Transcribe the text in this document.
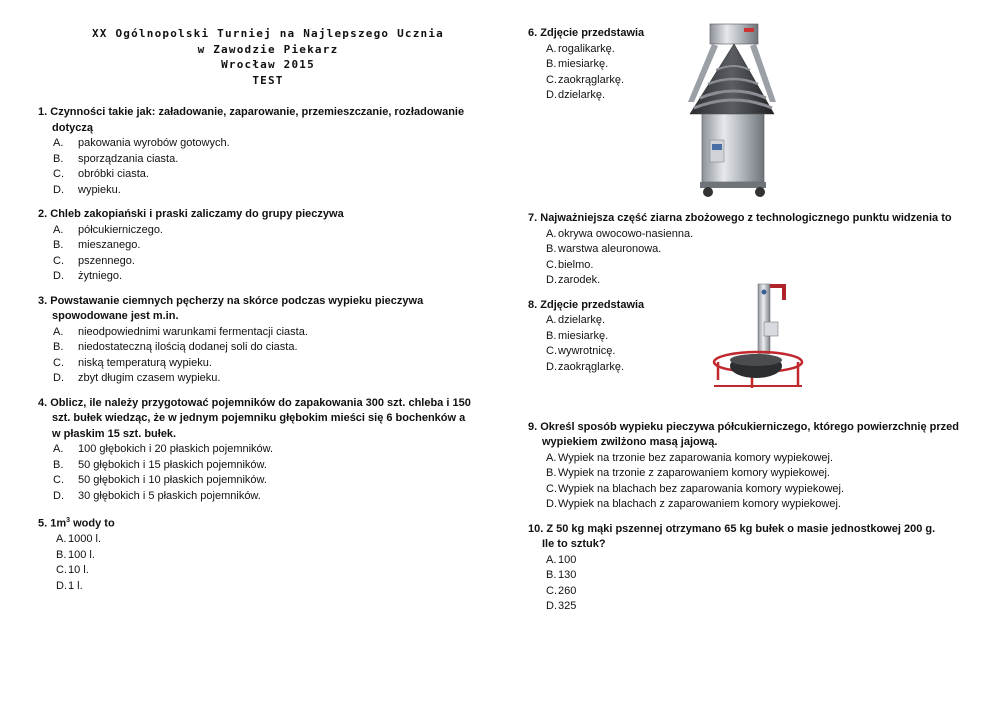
XX Ogólnopolski Turniej na Najlepszego Ucznia
w Zawodzie Piekarz
Wrocław 2015
TEST
1. Czynności takie jak: załadowanie, zaparowanie, przemieszczanie, rozładowanie
dotyczą
A.	pakowania wyrobów gotowych.
B.	sporządzania ciasta.
C.	obróbki ciasta.
D.	wypieku.
2. Chleb zakopiański i praski zaliczamy do grupy pieczywa
A.	półcukierniczego.
B.	mieszanego.
C.	pszennego.
D.	żytniego.
3. Powstawanie ciemnych pęcherzy na skórce podczas wypieku pieczywa
spowodowane jest m.in.
A.	nieodpowiednimi warunkami fermentacji ciasta.
B.	niedostateczną ilością dodanej soli do ciasta.
C.	niską temperaturą wypieku.
D.	zbyt długim czasem wypieku.
4. Oblicz, ile należy przygotować pojemników do zapakowania 300 szt. chleba i 150
szt. bułek wiedząc, że w jednym pojemniku głębokim mieści się 6 bochenków a
w płaskim 15 szt. bułek.
A.	100 głębokich i 20 płaskich pojemników.
B.	50 głębokich i 15 płaskich pojemników.
C.	50 głębokich i 10 płaskich pojemników.
D.	30 głębokich i 5 płaskich pojemników.
5. $1m^3$ wody to
A. 1000 l.
B. 100 l.
C. 10 l.
D. 1 l.
6. Zdjęcie przedstawia
A. rogalikarkę.
B. miesiarkę.
C. zaokrąglarkę.
D. dzielarkę.
7. Najważniejsza część ziarna zbożowego z technologicznego punktu widzenia to
A. okrywa owocowo-nasienna.
B. warstwa aleuronowa.
C. bielmo.
D. zarodek.
8. Zdjęcie przedstawia
A. dzielarkę.
B. miesiarkę.
C. wywrotnicę.
D. zaokrąglarkę.
9. Określ sposób wypieku pieczywa półcukierniczego, którego powierzchnię przed
wypiekiem zwilżono masą jajową.
A. Wypiek na trzonie bez zaparowania komory wypiekowej.
B. Wypiek na trzonie z zaparowaniem komory wypiekowej.
C. Wypiek na blachach bez zaparowania komory wypiekowej.
D. Wypiek na blachach z zaparowaniem komory wypiekowej.
10. Z 50 kg mąki pszennej otrzymano 65 kg bułek o masie jednostkowej 200 g.
Ile to sztuk?
A. 100
B. 130
C. 260
D. 325
